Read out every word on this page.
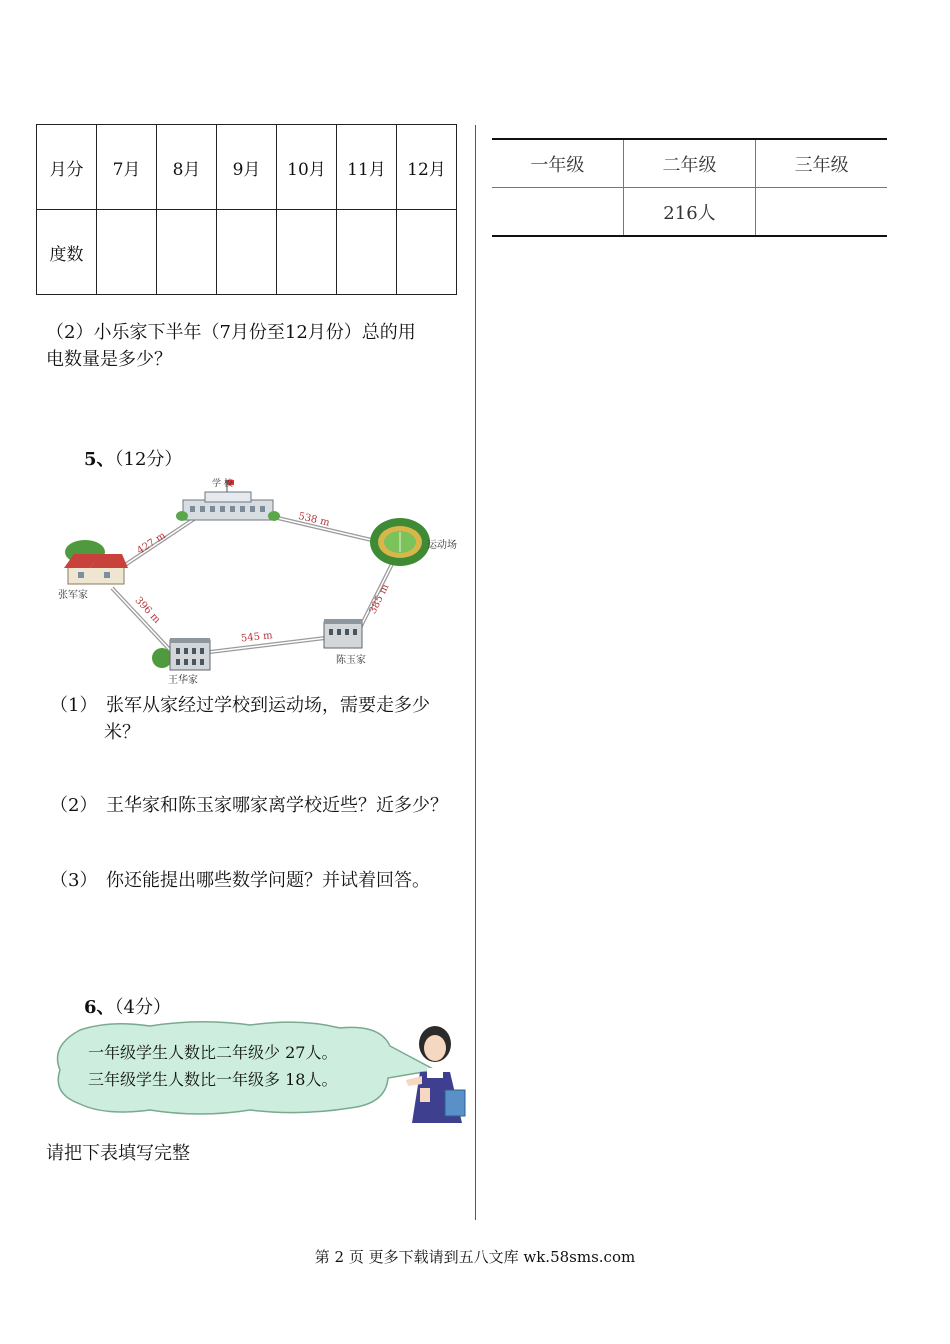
月分	7月	8月	9月	10月	11月	12月
度数						
（2）小乐家下半年（7月份至12月份）总的用
电数量是多少？
5、（12分）
学 校
运动场
张军家
王华家
陈玉家
427 m
538 m
396 m
545 m
385 m
（1） 张军从家经过学校到运动场，需要走多少
米？
（2） 王华家和陈玉家哪家离学校近些？近多少？
（3） 你还能提出哪些数学问题？并试着回答。
6、（4分）
一年级学生人数比二年级少 27人。
三年级学生人数比一年级多 18人。
请把下表填写完整
一年级	二年级	三年级
	216人	
第 2 页 更多下载请到五八文库 wk.58sms.com
